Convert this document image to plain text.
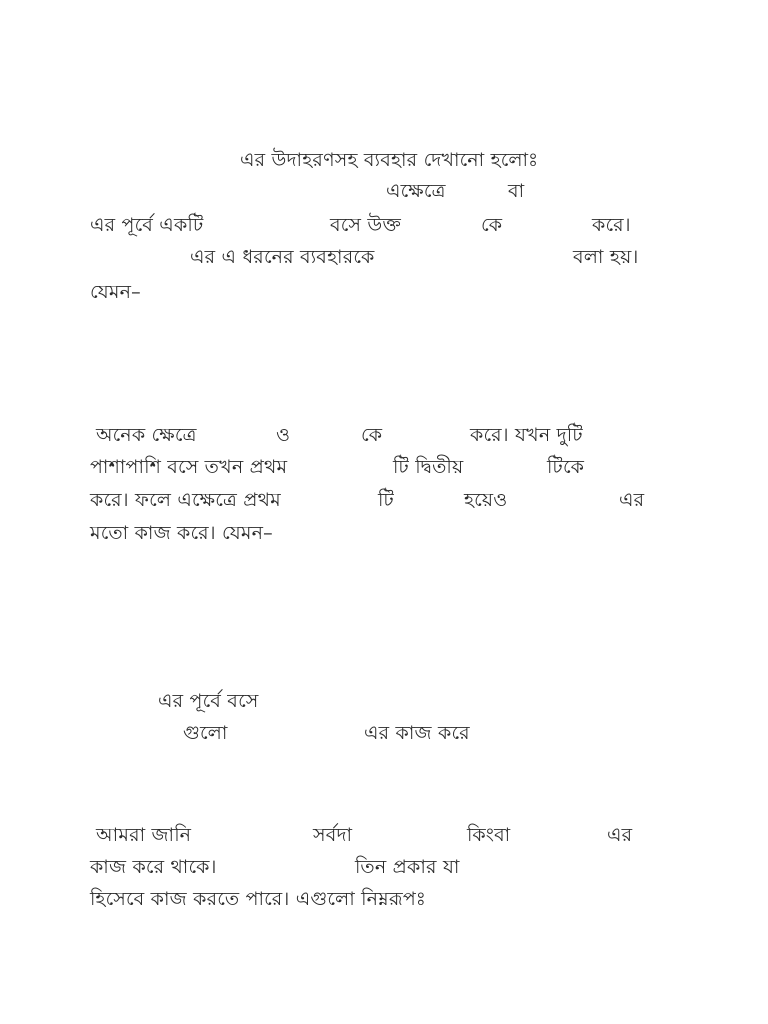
এর উদাহরণসহ ব্যবহার দেখানো হলোঃ
এক্ষেত্রে	বা
এর পূর্বে একটি	বসে উক্ত	কে	করে।
এর এ ধরনের ব্যবহারকে	বলা হয়।
যেমন–
অনেক ক্ষেত্রে	ও	কে	করে। যখন দুটি
পাশাপাশি বসে তখন প্রথম	টি দ্বিতীয়	টিকে
করে। ফলে এক্ষেত্রে প্রথম	টি	হয়েও	এর
মতো কাজ করে। যেমন–
এর পূর্বে বসে
গুলো	এর কাজ করে
আমরা জানি	সর্বদা	কিংবা	এর
কাজ করে থাকে।	তিন প্রকার যা
হিসেবে কাজ করতে পারে। এগুলো নিম্নরূপঃ
